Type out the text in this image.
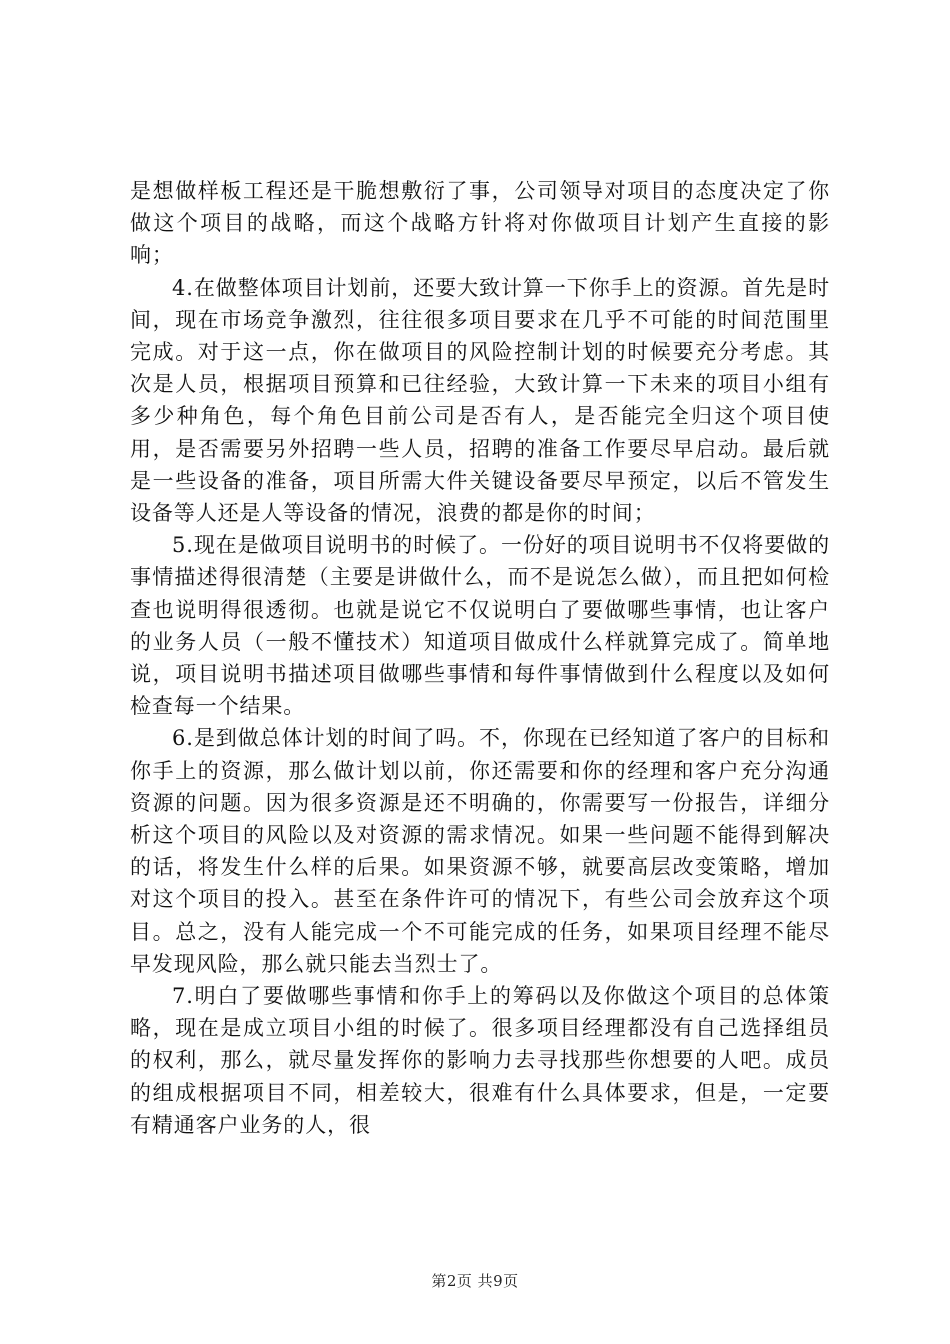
是想做样板工程还是干脆想敷衍了事，公司领导对项目的态度决定了你做这个项目的战略，而这个战略方针将对你做项目计划产生直接的影响；

4.在做整体项目计划前，还要大致计算一下你手上的资源。首先是时间，现在市场竞争激烈，往往很多项目要求在几乎不可能的时间范围里完成。对于这一点，你在做项目的风险控制计划的时候要充分考虑。其次是人员，根据项目预算和已往经验，大致计算一下未来的项目小组有多少种角色，每个角色目前公司是否有人，是否能完全归这个项目使用，是否需要另外招聘一些人员，招聘的准备工作要尽早启动。最后就是一些设备的准备，项目所需大件关键设备要尽早预定，以后不管发生设备等人还是人等设备的情况，浪费的都是你的时间；

5.现在是做项目说明书的时候了。一份好的项目说明书不仅将要做的事情描述得很清楚（主要是讲做什么，而不是说怎么做），而且把如何检查也说明得很透彻。也就是说它不仅说明白了要做哪些事情，也让客户的业务人员（一般不懂技术）知道项目做成什么样就算完成了。简单地说，项目说明书描述项目做哪些事情和每件事情做到什么程度以及如何检查每一个结果。

6.是到做总体计划的时间了吗。不，你现在已经知道了客户的目标和你手上的资源，那么做计划以前，你还需要和你的经理和客户充分沟通资源的问题。因为很多资源是还不明确的，你需要写一份报告，详细分析这个项目的风险以及对资源的需求情况。如果一些问题不能得到解决的话，将发生什么样的后果。如果资源不够，就要高层改变策略，增加对这个项目的投入。甚至在条件许可的情况下，有些公司会放弃这个项目。总之，没有人能完成一个不可能完成的任务，如果项目经理不能尽早发现风险，那么就只能去当烈士了。

7.明白了要做哪些事情和你手上的筹码以及你做这个项目的总体策略，现在是成立项目小组的时候了。很多项目经理都没有自己选择组员的权利，那么，就尽量发挥你的影响力去寻找那些你想要的人吧。成员的组成根据项目不同，相差较大，很难有什么具体要求，但是，一定要有精通客户业务的人，很

第2页 共9页
